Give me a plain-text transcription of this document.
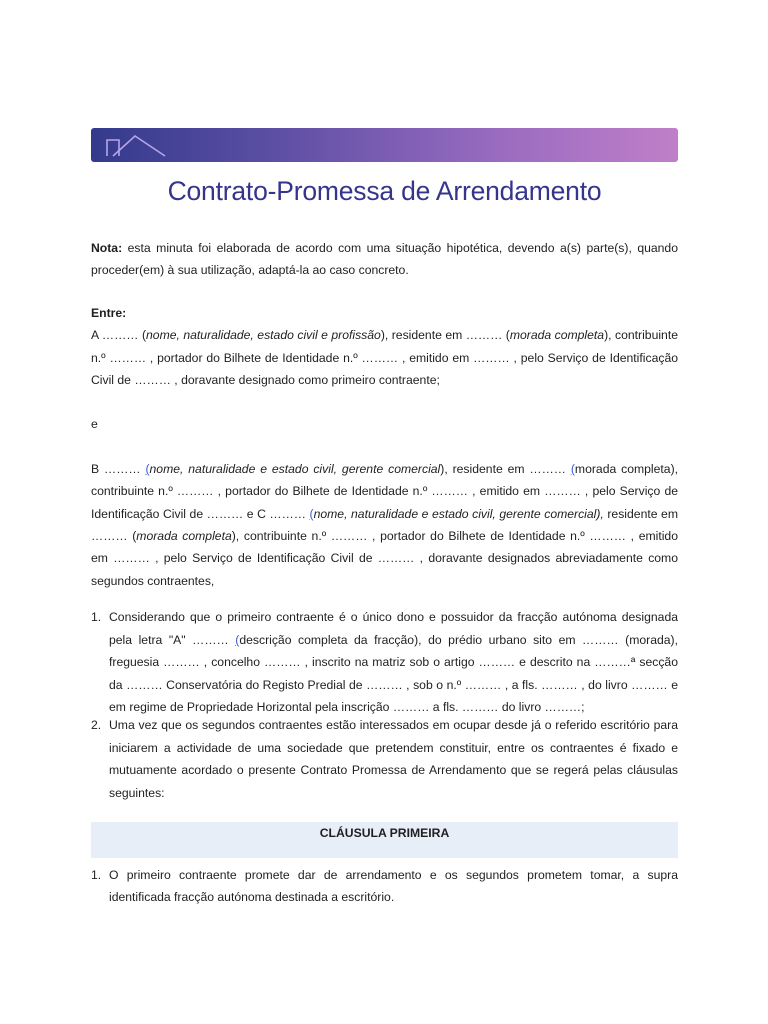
Contrato-Promessa de Arrendamento
Nota: esta minuta foi elaborada de acordo com uma situação hipotética, devendo a(s) parte(s), quando proceder(em) à sua utilização, adaptá-la ao caso concreto.
Entre:

A ……… (nome, naturalidade, estado civil e profissão), residente em ……… (morada completa), contribuinte n.º ……… , portador do Bilhete de Identidade n.º ……… , emitido em ……… , pelo Serviço de Identificação Civil de ……… , doravante designado como primeiro contraente;

e

B ……… (nome, naturalidade e estado civil, gerente comercial), residente em ……… (morada completa), contribuinte n.º ……… , portador do Bilhete de Identidade n.º ……… , emitido em ……… , pelo Serviço de Identificação Civil de ……… e C ……… (nome, naturalidade e estado civil, gerente comercial), residente em ……… (morada completa), contribuinte n.º ……… , portador do Bilhete de Identidade n.º ……… , emitido em ……… , pelo Serviço de Identificação Civil de ……… , doravante designados abreviadamente como segundos contraentes,

1. Considerando que o primeiro contraente é o único dono e possuidor da fracção autónoma designada pela letra "A" ……… (descrição completa da fracção), do prédio urbano sito em ……… (morada), freguesia ……… , concelho ……… , inscrito na matriz sob o artigo ……… e descrito na ………ª secção da ……… Conservatória do Registo Predial de ……… , sob o n.º ……… , a fls. ……… , do livro ……… e em regime de Propriedade Horizontal pela inscrição ……… a fls. ……… do livro ………;
2. Uma vez que os segundos contraentes estão interessados em ocupar desde já o referido escritório para iniciarem a actividade de uma sociedade que pretendem constituir, entre os contraentes é fixado e mutuamente acordado o presente Contrato Promessa de Arrendamento que se regerá pelas cláusulas seguintes:
CLÁUSULA PRIMEIRA
1. O primeiro contraente promete dar de arrendamento e os segundos prometem tomar, a supra identificada fracção autónoma destinada a escritório.
